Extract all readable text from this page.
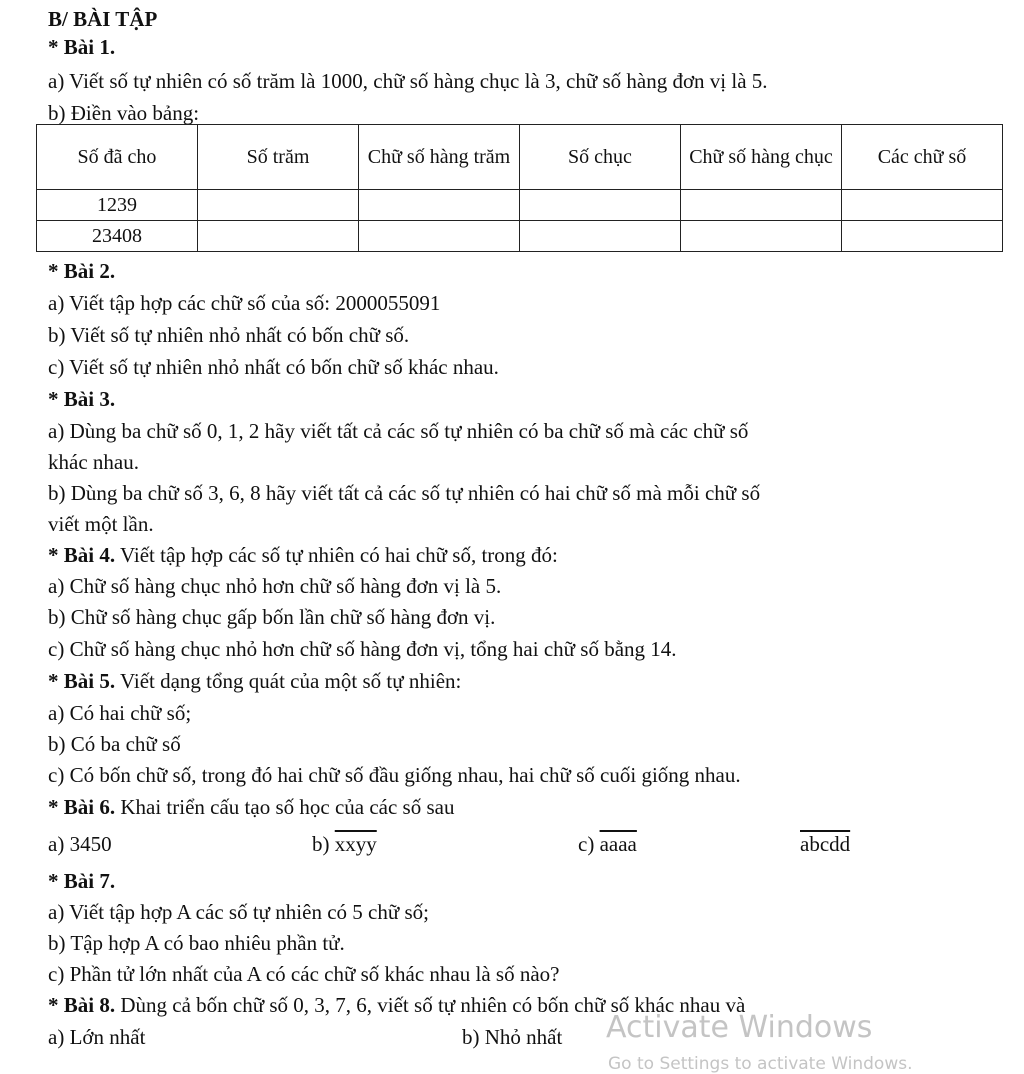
B/ BÀI TẬP
* Bài 1.
a) Viết số tự nhiên có số trăm là 1000, chữ số hàng chục là 3, chữ số hàng đơn vị là 5.
b) Điền vào bảng:
Số đã cho	Số trăm	Chữ số hàng trăm	Số chục	Chữ số hàng chục	Các chữ số
1239					
23408					
* Bài 2.
a) Viết tập hợp các chữ số của số: 2000055091
b) Viết số tự nhiên nhỏ nhất có bốn chữ số.
c) Viết số tự nhiên nhỏ nhất có bốn chữ số khác nhau.
* Bài 3.
a) Dùng ba chữ số 0, 1, 2 hãy viết tất cả các số tự nhiên có ba chữ số mà các chữ số
khác nhau.
b) Dùng ba chữ số 3, 6, 8 hãy viết tất cả các số tự nhiên có hai chữ số mà mỗi chữ số
viết một lần.
* Bài 4. Viết tập hợp các số tự nhiên có hai chữ số, trong đó:
a) Chữ số hàng chục nhỏ hơn chữ số hàng đơn vị là 5.
b) Chữ số hàng chục gấp bốn lần chữ số hàng đơn vị.
c) Chữ số hàng chục nhỏ hơn chữ số hàng đơn vị, tổng hai chữ số bằng 14.
* Bài 5. Viết dạng tổng quát của một số tự nhiên:
a) Có hai chữ số;
b) Có ba chữ số
c) Có bốn chữ số, trong đó hai chữ số đầu giống nhau, hai chữ số cuối giống nhau.
* Bài 6. Khai triển cấu tạo số học của các số sau
a) 3450	b) xxyy	c) aaaa	abcdd
* Bài 7.
a) Viết tập hợp A các số tự nhiên có 5 chữ số;
b) Tập hợp A có bao nhiêu phần tử.
c) Phần tử lớn nhất của A có các chữ số khác nhau là số nào?
* Bài 8. Dùng cả bốn chữ số 0, 3, 7, 6, viết số tự nhiên có bốn chữ số khác nhau và
a) Lớn nhất	b) Nhỏ nhất Activate Windows
Go to Settings to activate Windows.
